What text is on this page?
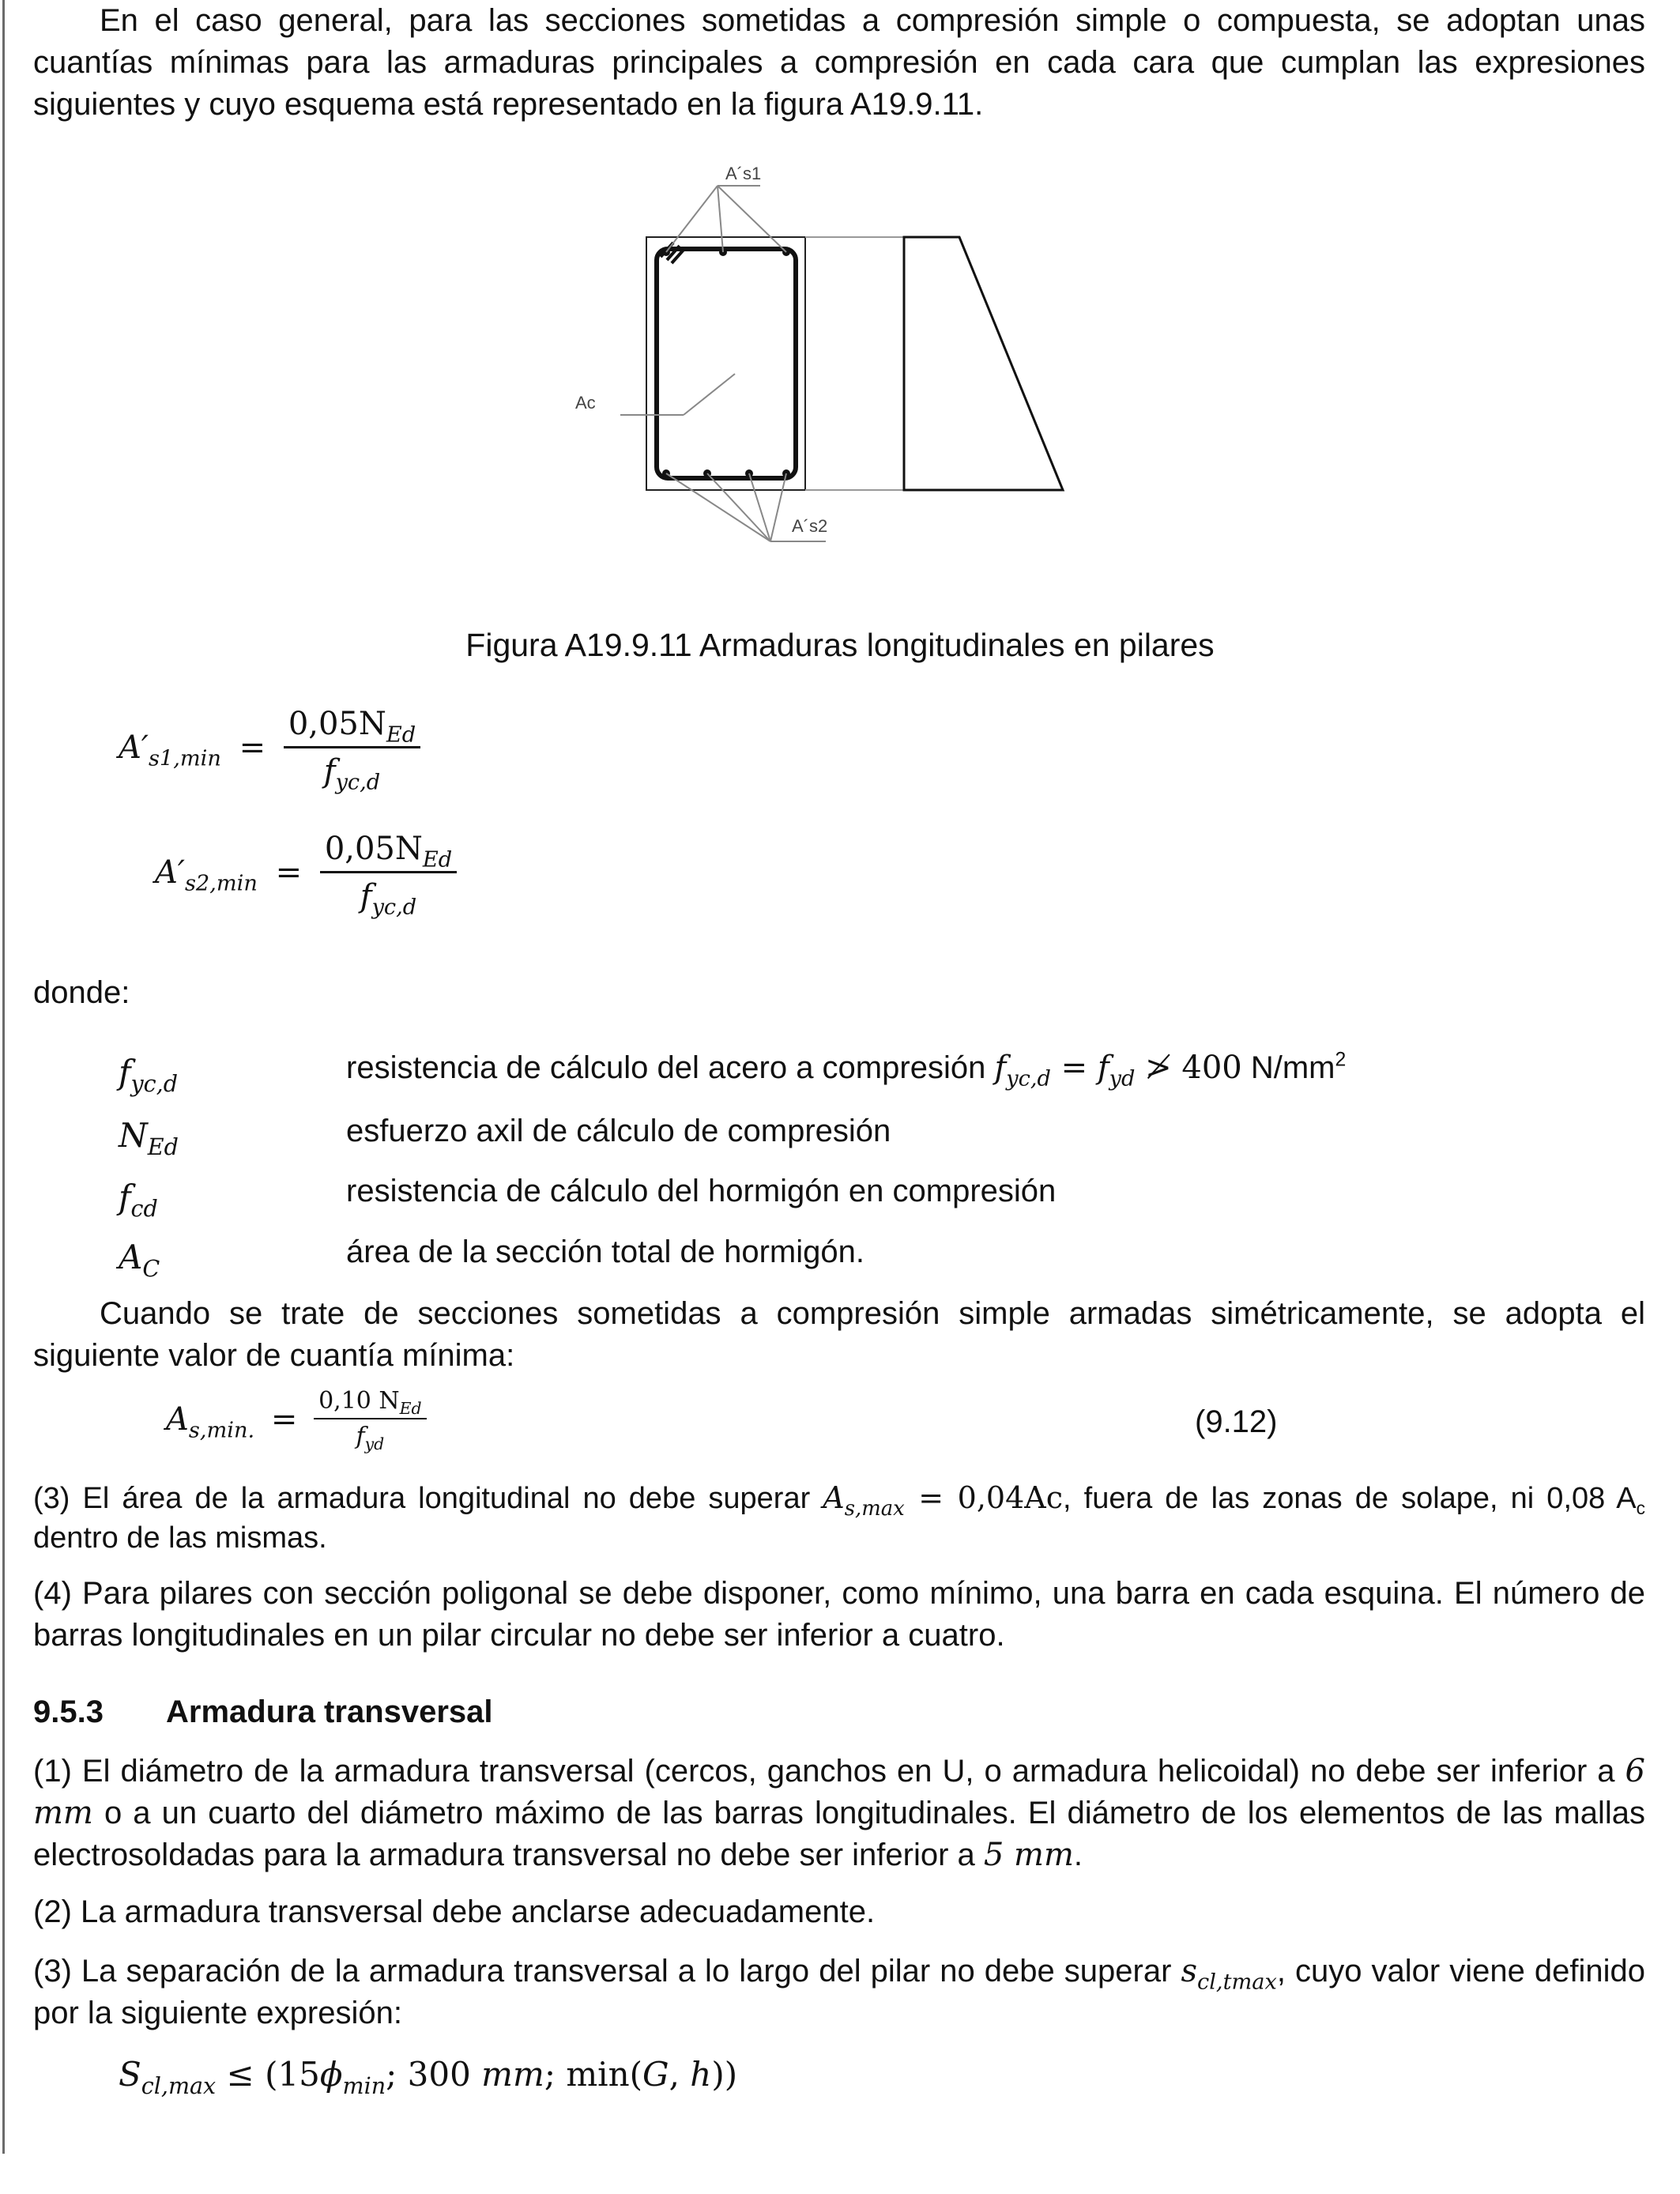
En el caso general, para las secciones sometidas a compresión simple o compuesta, se adoptan unas cuantías mínimas para las armaduras principales a compresión en cada cara que cumplan las expresiones siguientes y cuyo esquema está representado en la figura A19.9.11.

A´s1
Ac
A´s2
Figura A19.9.11 Armaduras longitudinales en pilares
$A'_{s1,min} = \frac{0,05N_{Ed}}{f_{yc,d}}$
$A'_{s2,min} = \frac{0,05N_{Ed}}{f_{yc,d}}$
donde:
$f_{yc,d}$	resistencia de cálculo del acero a compresión $f_{yc,d} = f_{yd}$ ≯ 400 $N/mm^2$
$N_{Ed}$	esfuerzo axil de cálculo de compresión
$f_{cd}$	resistencia de cálculo del hormigón en compresión
$A_C$	área de la sección total de hormigón.

Cuando se trate de secciones sometidas a compresión simple armadas simétricamente, se adopta el siguiente valor de cuantía mínima:

$A_{s,min.} = \frac{0,10 N_{Ed}}{f_{yd}}$	(9.12)

(3) El área de la armadura longitudinal no debe superar $A_{s,max} = 0,04Ac$, fuera de las zonas de solape, ni 0,08 $A_c$ dentro de las mismas.

(4) Para pilares con sección poligonal se debe disponer, como mínimo, una barra en cada esquina. El número de barras longitudinales en un pilar circular no debe ser inferior a cuatro.

9.5.3 Armadura transversal

(1) El diámetro de la armadura transversal (cercos, ganchos en U, o armadura helicoidal) no debe ser inferior a 6 mm o a un cuarto del diámetro máximo de las barras longitudinales. El diámetro de los elementos de las mallas electrosoldadas para la armadura transversal no debe ser inferior a 5 mm.

(2) La armadura transversal debe anclarse adecuadamente.

(3) La separación de la armadura transversal a lo largo del pilar no debe superar $s_{cl,tmax}$, cuyo valor viene definido por la siguiente expresión:

$S_{cl,max} \le (15\phi_{min}$; 300 mm; min(G, h))
